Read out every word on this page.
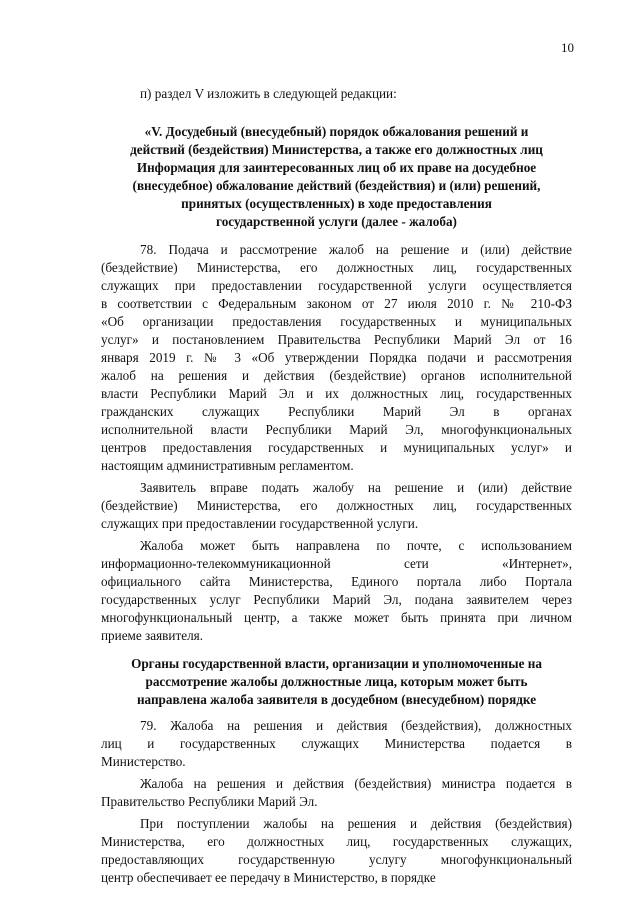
10
п) раздел V изложить в следующей редакции:
«V. Досудебный (внесудебный) порядок обжалования решений и
действий (бездействия) Министерства, а также его должностных лиц
Информация для заинтересованных лиц об их праве на досудебное
(внесудебное) обжалование действий (бездействия) и (или) решений,
принятых (осуществленных) в ходе предоставления
государственной услуги (далее - жалоба)
78. Подача и рассмотрение жалоб на решение и (или) действие
(бездействие) Министерства, его должностных лиц, государственных
служащих при предоставлении государственной услуги осуществляется
в соответствии с Федеральным законом от 27 июля 2010 г. № 210-ФЗ
«Об организации предоставления государственных и муниципальных
услуг» и постановлением Правительства Республики Марий Эл от 16
января 2019 г. № 3 «Об утверждении Порядка подачи и рассмотрения
жалоб на решения и действия (бездействие) органов исполнительной
власти Республики Марий Эл и их должностных лиц, государственных
гражданских служащих Республики Марий Эл в органах
исполнительной власти Республики Марий Эл, многофункциональных
центров предоставления государственных и муниципальных услуг» и
настоящим административным регламентом.
Заявитель вправе подать жалобу на решение и (или) действие
(бездействие) Министерства, его должностных лиц, государственных
служащих при предоставлении государственной услуги.
Жалоба может быть направлена по почте, с использованием
информационно-телекоммуникационной сети «Интернет»,
официального сайта Министерства, Единого портала либо Портала
государственных услуг Республики Марий Эл, подана заявителем через
многофункциональный центр, а также может быть принята при личном
приеме заявителя.
Органы государственной власти, организации и уполномоченные на
рассмотрение жалобы должностные лица, которым может быть
направлена жалоба заявителя в досудебном (внесудебном) порядке
79. Жалоба на решения и действия (бездействия), должностных
лиц и государственных служащих Министерства подается в
Министерство.
Жалоба на решения и действия (бездействия) министра подается в
Правительство Республики Марий Эл.
При поступлении жалобы на решения и действия (бездействия)
Министерства, его должностных лиц, государственных служащих,
предоставляющих государственную услугу многофункциональный
центр обеспечивает ее передачу в Министерство, в порядке
